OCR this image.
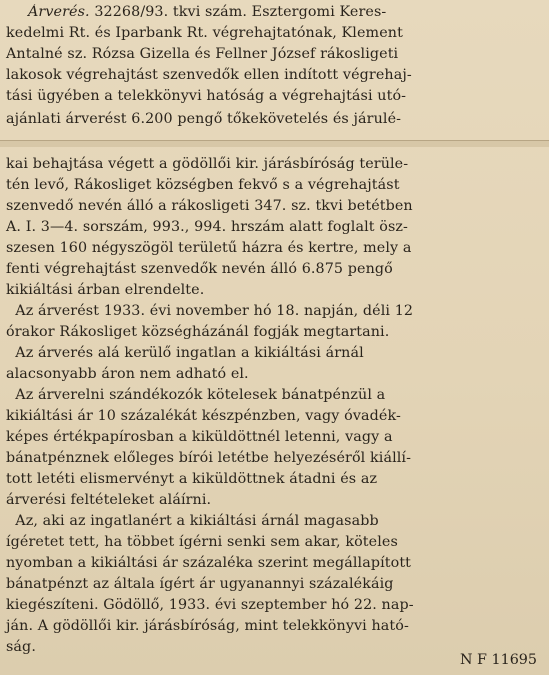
Árverés. 32268/93. tkvi szám. Esztergomi Keres-
kedelmi Rt. és Iparbank Rt. végrehajtatónak, Klement
Antalné sz. Rózsa Gizella és Fellner József rákosligeti
lakosok végrehajtást szenvedők ellen indított végrehaj-
tási ügyében a telekkönyvi hatóság a végrehajtási utó-
ajánlati árverést 6.200 pengő tőkekövetelés és járulé-
kai behajtása végett a gödöllői kir. járásbíróság terüle-
tén levő, Rákosliget községben fekvő s a végrehajtást
szenvedő nevén álló a rákosligeti 347. sz. tkvi betétben
A. I. 3—4. sorszám, 993., 994. hrszám alatt foglalt ösz-
szesen 160 négyszögöl területű házra és kertre, mely a
fenti végrehajtást szenvedők nevén álló 6.875 pengő
kikiáltási árban elrendelte.
Az árverést 1933. évi november hó 18. napján, déli 12
órakor Rákosliget községházánál fogják megtartani.
Az árverés alá kerülő ingatlan a kikiáltási árnál
alacsonyabb áron nem adható el.
Az árverelni szándékozók kötelesek bánatpénzül a
kikiáltási ár 10 százalékát készpénzben, vagy óvadék-
képes értékpapírosban a kiküldöttnél letenni, vagy a
bánatpénznek előleges bírói letétbe helyezéséről kiállí-
tott letéti elismervényt a kiküldöttnek átadni és az
árverési feltételeket aláírni.
Az, aki az ingatlanért a kikiáltási árnál magasabb
ígéretet tett, ha többet ígérni senki sem akar, köteles
nyomban a kikiáltási ár százaléka szerint megállapított
bánatpénzt az általa ígért ár ugyanannyi százalékáig
kiegészíteni. Gödöllő, 1933. évi szeptember hó 22. nap-
ján. A gödöllői kir. járásbíróság, mint telekkönyvi ható-
ság.
N F 11695
